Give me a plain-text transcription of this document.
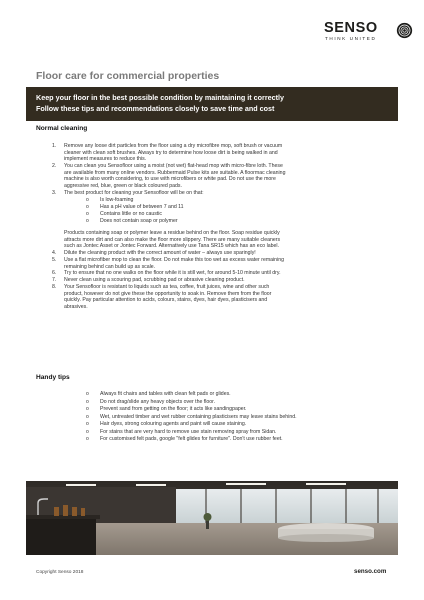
SENSO
THINK UNITED
Floor care for commercial properties
Keep your floor in the best possible condition by maintaining it correctly
Follow these tips and recommendations closely to save time and cost
Normal cleaning
1. Remove any loose dirt particles from the floor using a dry microfibre mop, soft brush or vacuum
cleaner with clean soft brushes. Always try to determine how loose dirt is being walked in and
implement measures to reduce this.
2. You can clean you Sensofloor using a moist (not wet) flat-head mop with micro-fibre loth. These
are available from many online vendors. Rubbermaid Pulse kits are suitable. A floormac cleaning
machine is also worth considering, to use with microfibers or white pad. Do not use the more
aggressive red, blue, green or black coloured pads.
3. The best product for cleaning your Sensofloor will be on that:
o Is low-foaming
o Has a pH value of between 7 and 11
o Contains little or no caustic
o Does not contain soap or polymer
Products containing soap or polymer leave a residue behind on the floor. Soap residue quickly
attracts more dirt and can also make the floor more slippery. There are many suitable cleaners
such as Jontec Asset or Jontec Forward. Alternatively use Tana SR15 which has an eco label.
4. Dilute the cleaning product with the correct amount of water – always use sparingly!
5. Use a flat microfiber mop to clean the floor. Do not make this too wet as excess water remaining
remaining behind can build up as scale.
6. Try to ensure that no one walks on the floor while it is still wet, for around 5-10 minute until dry.
7. Never clean using a scouring pad, scrubbing pad or abrasive cleaning product.
8. Your Sensofloor is resistant to liquids such as tea, coffee, fruit juices, wine and other such
product, however do not give these the opportunity to soak in. Remove them from the floor
quickly. Pay particular attention to acids, colours, stains, dyes, hair dyes, plasticisers and
abrasives.
Handy tips
o Always fit chairs and tables with clean felt pads or glides.
o Do not drag/slide any heavy objects over the floor.
o Prevent sand from getting on the floor; it acts like sandingpaper.
o Wet, untreated timber and wet rubber containing plasticisers may leave stains behind.
o Hair dyes, strong colouring agents and paint will cause staining.
o For stains that are very hard to remove use stain removing spray from Sidan.
o For customised felt pads, google "felt glides for furniture". Don't use rubber feet.
Copyright Senso 2018	senso.com
